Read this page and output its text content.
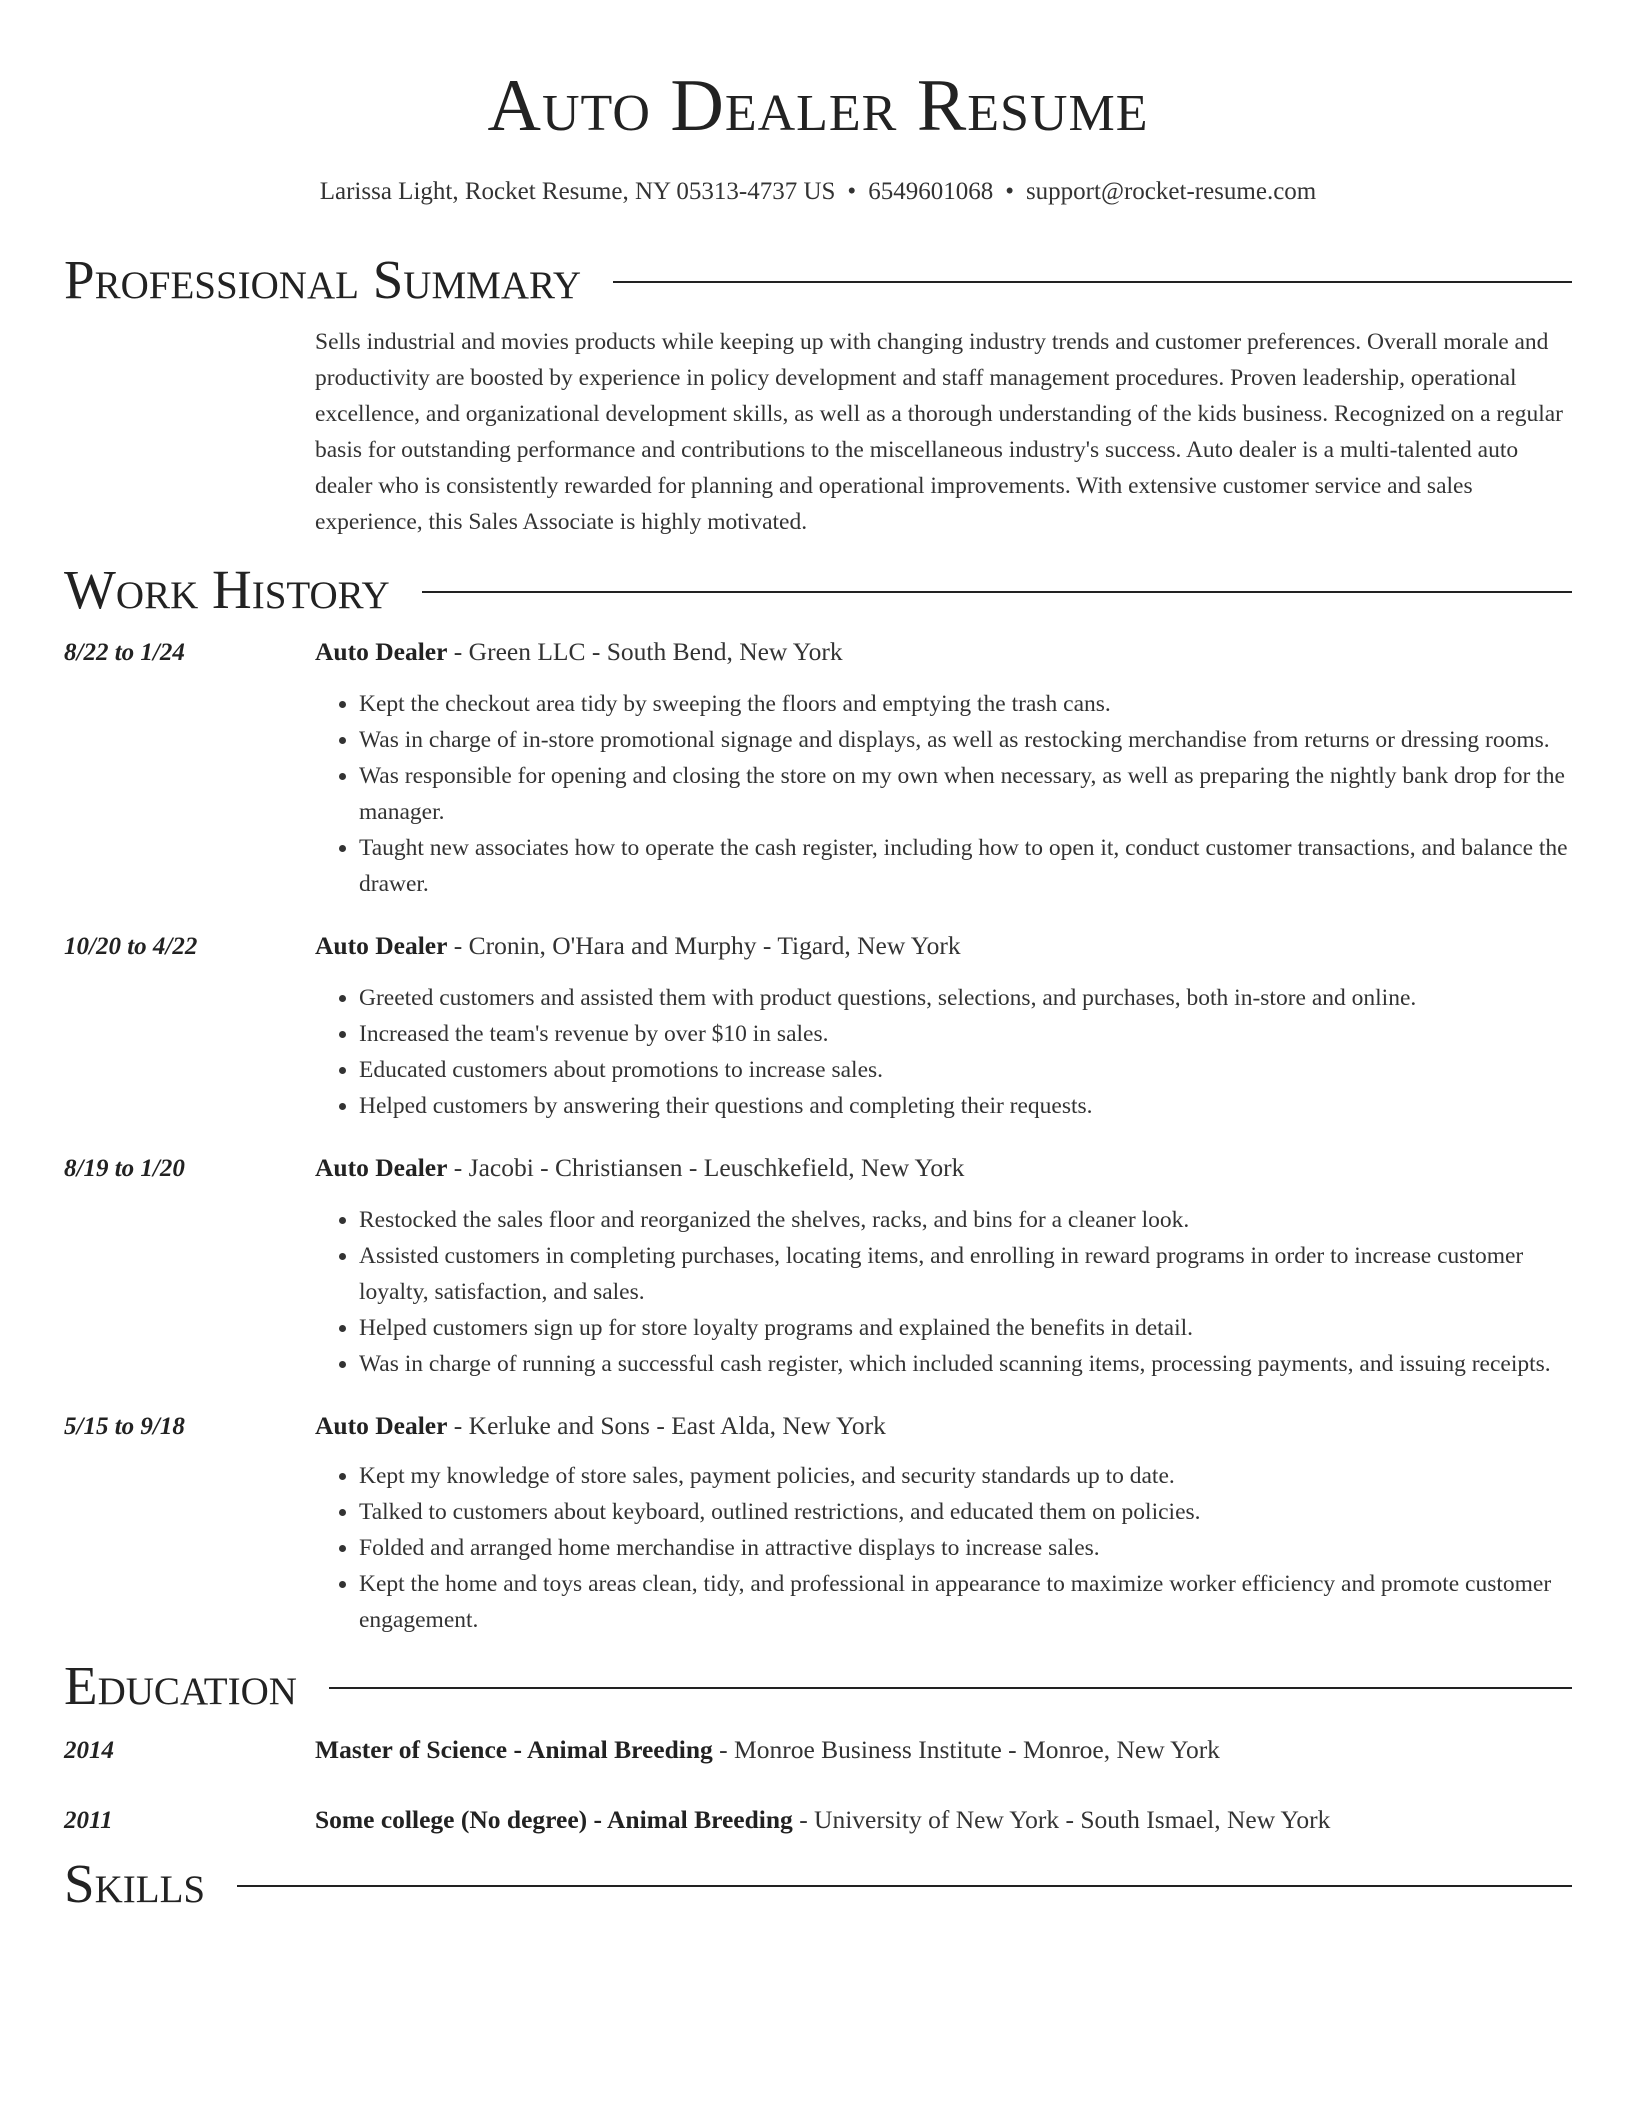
Auto Dealer Resume
Larissa Light, Rocket Resume, NY 05313-4737 US • 6549601068 • support@rocket-resume.com
Professional Summary

Sells industrial and movies products while keeping up with changing industry trends and customer preferences. Overall morale and productivity are boosted by experience in policy development and staff management procedures. Proven leadership, operational excellence, and organizational development skills, as well as a thorough understanding of the kids business. Recognized on a regular basis for outstanding performance and contributions to the miscellaneous industry's success. Auto dealer is a multi-talented auto dealer who is consistently rewarded for planning and operational improvements. With extensive customer service and sales experience, this Sales Associate is highly motivated.

Work History
8/22 to 1/24	Auto Dealer - Green LLC - South Bend, New York
• Kept the checkout area tidy by sweeping the floors and emptying the trash cans.
• Was in charge of in-store promotional signage and displays, as well as restocking merchandise from returns or dressing rooms.
• Was responsible for opening and closing the store on my own when necessary, as well as preparing the nightly bank drop for the manager.
• Taught new associates how to operate the cash register, including how to open it, conduct customer transactions, and balance the drawer.
10/20 to 4/22	Auto Dealer - Cronin, O'Hara and Murphy - Tigard, New York
• Greeted customers and assisted them with product questions, selections, and purchases, both in-store and online.
• Increased the team's revenue by over $10 in sales.
• Educated customers about promotions to increase sales.
• Helped customers by answering their questions and completing their requests.
8/19 to 1/20	Auto Dealer - Jacobi - Christiansen - Leuschkefield, New York
• Restocked the sales floor and reorganized the shelves, racks, and bins for a cleaner look.
• Assisted customers in completing purchases, locating items, and enrolling in reward programs in order to increase customer loyalty, satisfaction, and sales.
• Helped customers sign up for store loyalty programs and explained the benefits in detail.
• Was in charge of running a successful cash register, which included scanning items, processing payments, and issuing receipts.
5/15 to 9/18	Auto Dealer - Kerluke and Sons - East Alda, New York
• Kept my knowledge of store sales, payment policies, and security standards up to date.
• Talked to customers about keyboard, outlined restrictions, and educated them on policies.
• Folded and arranged home merchandise in attractive displays to increase sales.
• Kept the home and toys areas clean, tidy, and professional in appearance to maximize worker efficiency and promote customer engagement.
Education
2014	Master of Science - Animal Breeding - Monroe Business Institute - Monroe, New York
2011	Some college (No degree) - Animal Breeding - University of New York - South Ismael, New York
Skills
